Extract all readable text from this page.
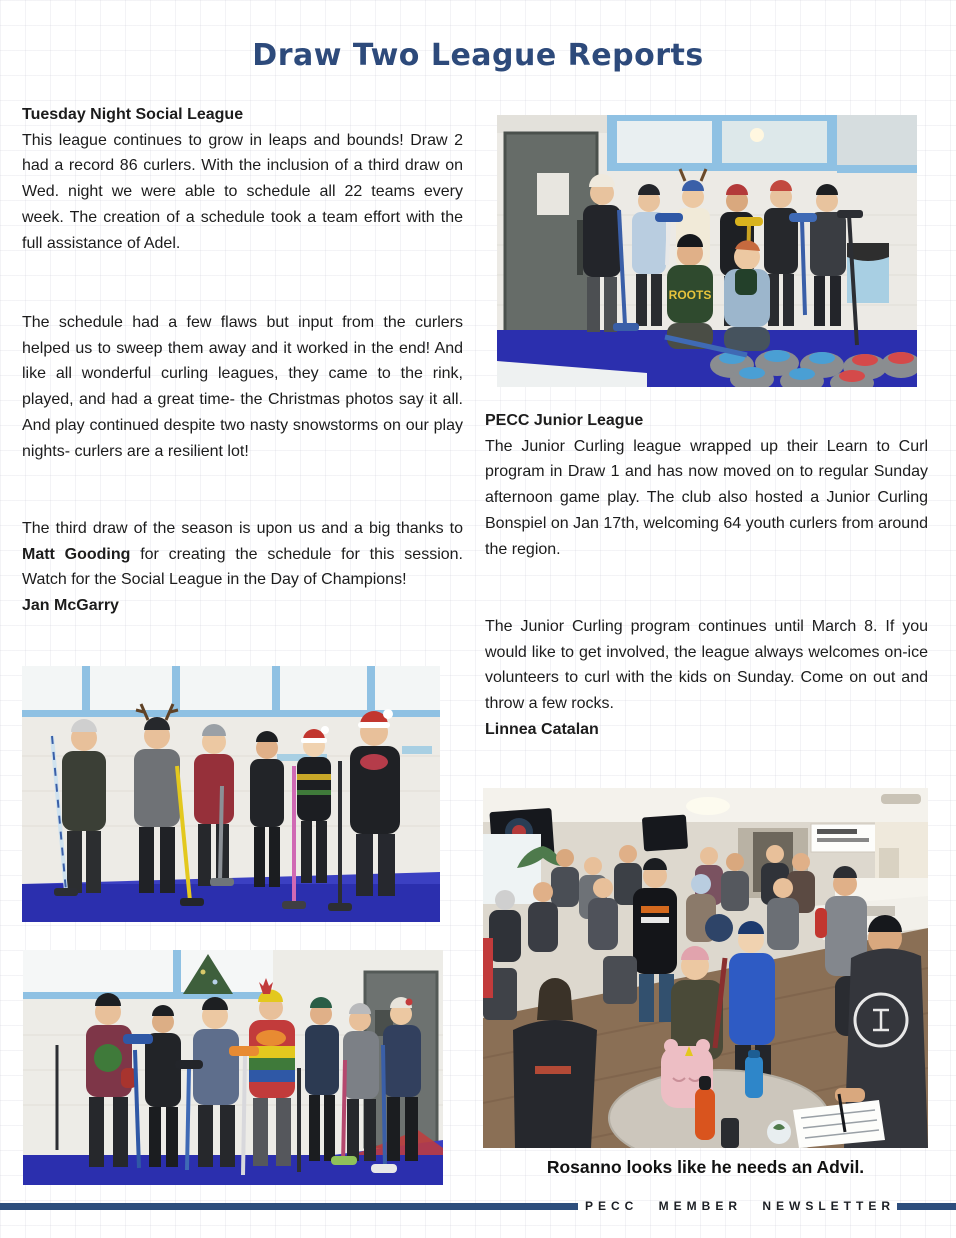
Draw Two League Reports

Tuesday Night Social League

This league continues to grow in leaps and bounds! Draw 2 had a record 86 curlers. With the inclusion of a third draw on Wed. night we were able to schedule all 22 teams every week. The creation of a schedule took a team effort with the full assistance of Adel.

The schedule had a few flaws but input from the curlers helped us to sweep them away and it worked in the end! And like all wonderful curling leagues, they came to the rink, played, and had a great time- the Christmas photos say it all. And play continued despite two nasty snowstorms on our play nights- curlers are a resilient lot!

The third draw of the season is upon us and a big thanks to Matt Gooding for creating the schedule for this session. Watch for the Social League in the Day of Champions!

Jan McGarry

PECC Junior League

The Junior Curling league wrapped up their Learn to Curl program in Draw 1 and has now moved on to regular Sunday afternoon game play. The club also hosted a Junior Curling Bonspiel on Jan 17th, welcoming 64 youth curlers from around the region.

The Junior Curling program continues until March 8. If you would like to get involved, the league always welcomes on-ice volunteers to curl with the kids on Sunday. Come on out and throw a few rocks.

Linnea Catalan

ROOTS
Rosanno looks like he needs an Advil.
PECC MEMBER NEWSLETTER
